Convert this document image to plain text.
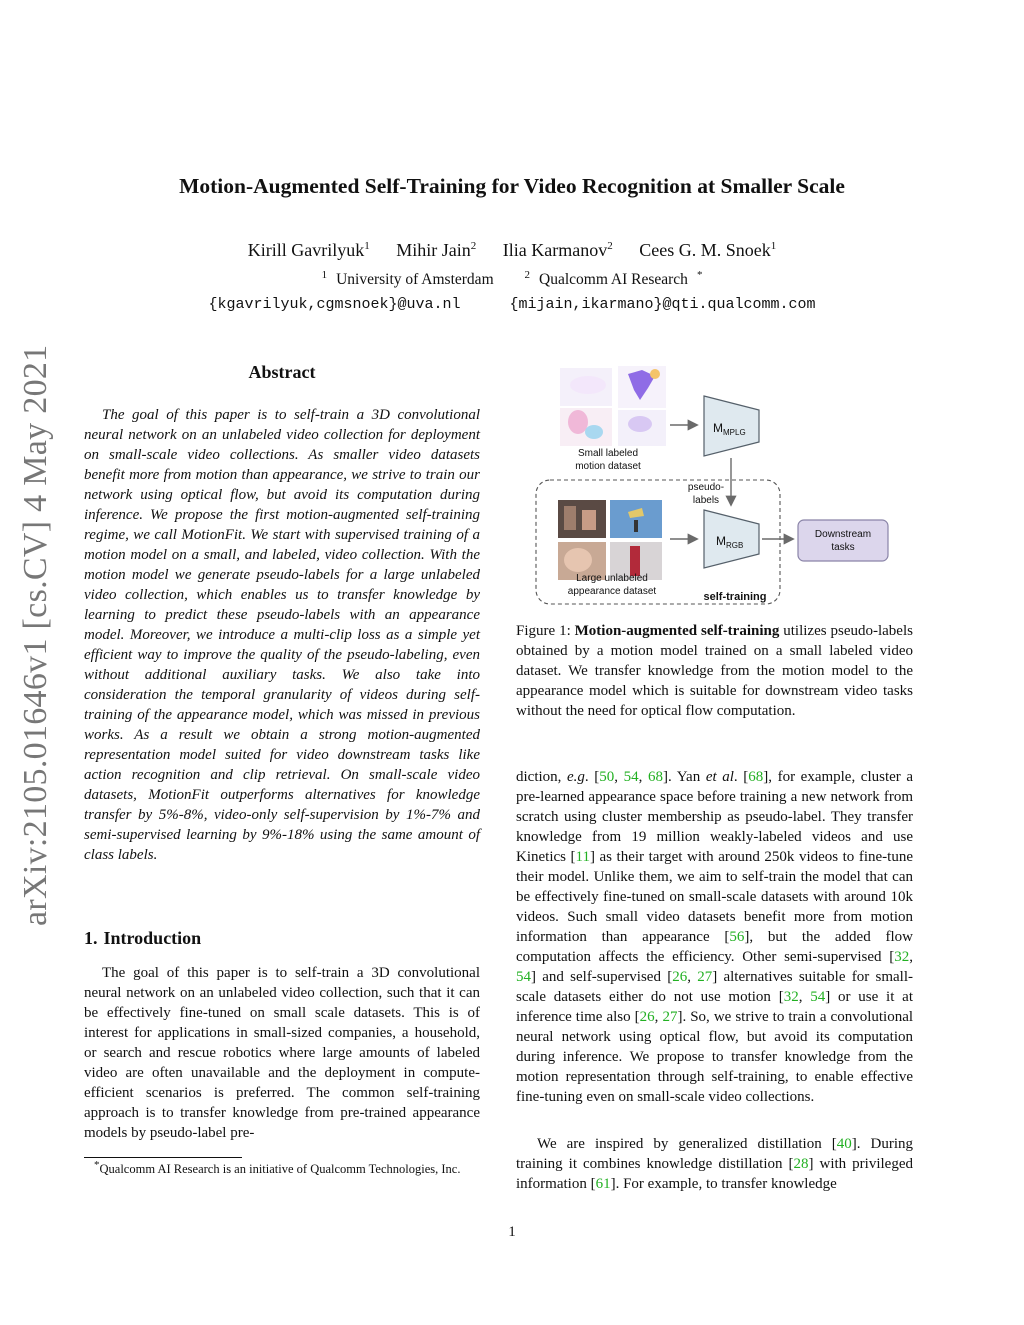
Motion-Augmented Self-Training for Video Recognition at Smaller Scale
Kirill Gavrilyuk$^1$ Mihir Jain$^2$ Ilia Karmanov$^2$ Cees G. M. Snoek$^1$
$^1$ University of Amsterdam	$^2$ Qualcomm AI Research *
{kgavrilyuk,cgmsnoek}@uva.nl	{mijain,ikarmano}@qti.qualcomm.com
arXiv:2105.01646v1 [cs.CV] 4 May 2021	Abstract

The goal of this paper is to self-train a 3D convolutional neural network on an unlabeled video collection for deployment on small-scale video collections. As smaller video datasets benefit more from motion than appearance, we strive to train our network using optical flow, but avoid its computation during inference. We propose the first motion-augmented self-training regime, we call MotionFit. We start with supervised training of a motion model on a small, and labeled, video collection. With the motion model we generate pseudo-labels for a large unlabeled video collection, which enables us to transfer knowledge by learning to predict these pseudo-labels with an appearance model. Moreover, we introduce a multi-clip loss as a simple yet efficient way to improve the quality of the pseudo-labeling, even without additional auxiliary tasks. We also take into consideration the temporal granularity of videos during self-training of the appearance model, which was missed in previous works. As a result we obtain a strong motion-augmented representation model suited for video downstream tasks like action recognition and clip retrieval. On small-scale video datasets, MotionFit outperforms alternatives for knowledge transfer by 5%-8%, video-only self-supervision by 1%-7% and semi-supervised learning by 9%-18% using the same amount of class labels.

1. Introduction

The goal of this paper is to self-train a 3D convolutional neural network on an unlabeled video collection, such that it can be effectively fine-tuned on small scale datasets. This is of interest for applications in small-sized companies, a household, or search and rescue robotics where large amounts of labeled video are often unavailable and the deployment in compute-efficient scenarios is preferred. The common self-training approach is to transfer knowledge from pre-trained appearance models by pseudo-label pre-

*Qualcomm AI Research is an initiative of Qualcomm Technologies, Inc.

Small labeled
motion dataset
$M_{MPLG}$
pseudo-
labels
Large unlabeled
appearance dataset
$M_{RGB}$
Downstream
tasks
self-training

Figure 1: Motion-augmented self-training utilizes pseudo-labels obtained by a motion model trained on a small labeled video dataset. We transfer knowledge from the motion model to the appearance model which is suitable for downstream video tasks without the need for optical flow computation.

diction, e.g. [50, 54, 68]. Yan et al. [68], for example, cluster a pre-learned appearance space before training a new network from scratch using cluster membership as pseudo-label. They transfer knowledge from 19 million weakly-labeled videos and use Kinetics [11] as their target with around 250k videos to fine-tune their model. Unlike them, we aim to self-train the model that can be effectively fine-tuned on small-scale datasets with around 10k videos. Such small video datasets benefit more from motion information than appearance [56], but the added flow computation affects the efficiency. Other semi-supervised [32, 54] and self-supervised [26, 27] alternatives suitable for small-scale datasets either do not use motion [32, 54] or use it at inference time also [26, 27]. So, we strive to train a convolutional neural network using optical flow, but avoid its computation during inference. We propose to transfer knowledge from the motion representation through self-training, to enable effective fine-tuning even on small-scale video collections.

We are inspired by generalized distillation [40]. During training it combines knowledge distillation [28] with privileged information [61]. For example, to transfer knowledge

1
